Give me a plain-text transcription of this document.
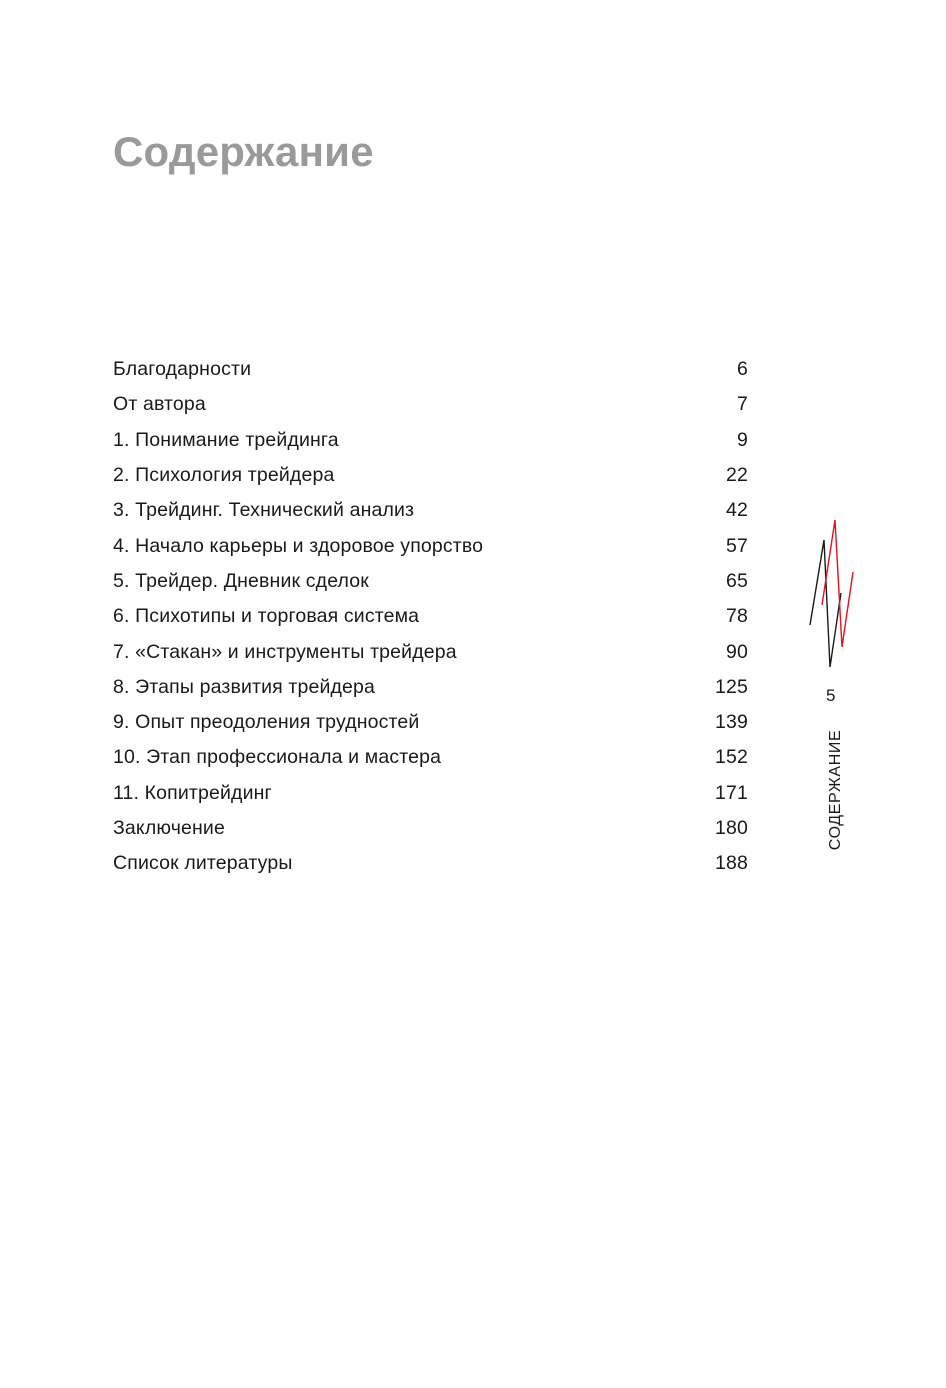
Содержание
Благодарности	6
От автора	7
1. Понимание трейдинга	9
2. Психология трейдера	22
3. Трейдинг. Технический анализ	42
4. Начало карьеры и здоровое упорство	57
5. Трейдер. Дневник сделок	65
6. Психотипы и торговая система	78
7. «Стакан» и инструменты трейдера	90
8. Этапы развития трейдера	125
9. Опыт преодоления трудностей	139
10. Этап профессионала и мастера	152
11. Копитрейдинг	171
Заключение	180
Список литературы	188
5
СОДЕРЖАНИЕ
